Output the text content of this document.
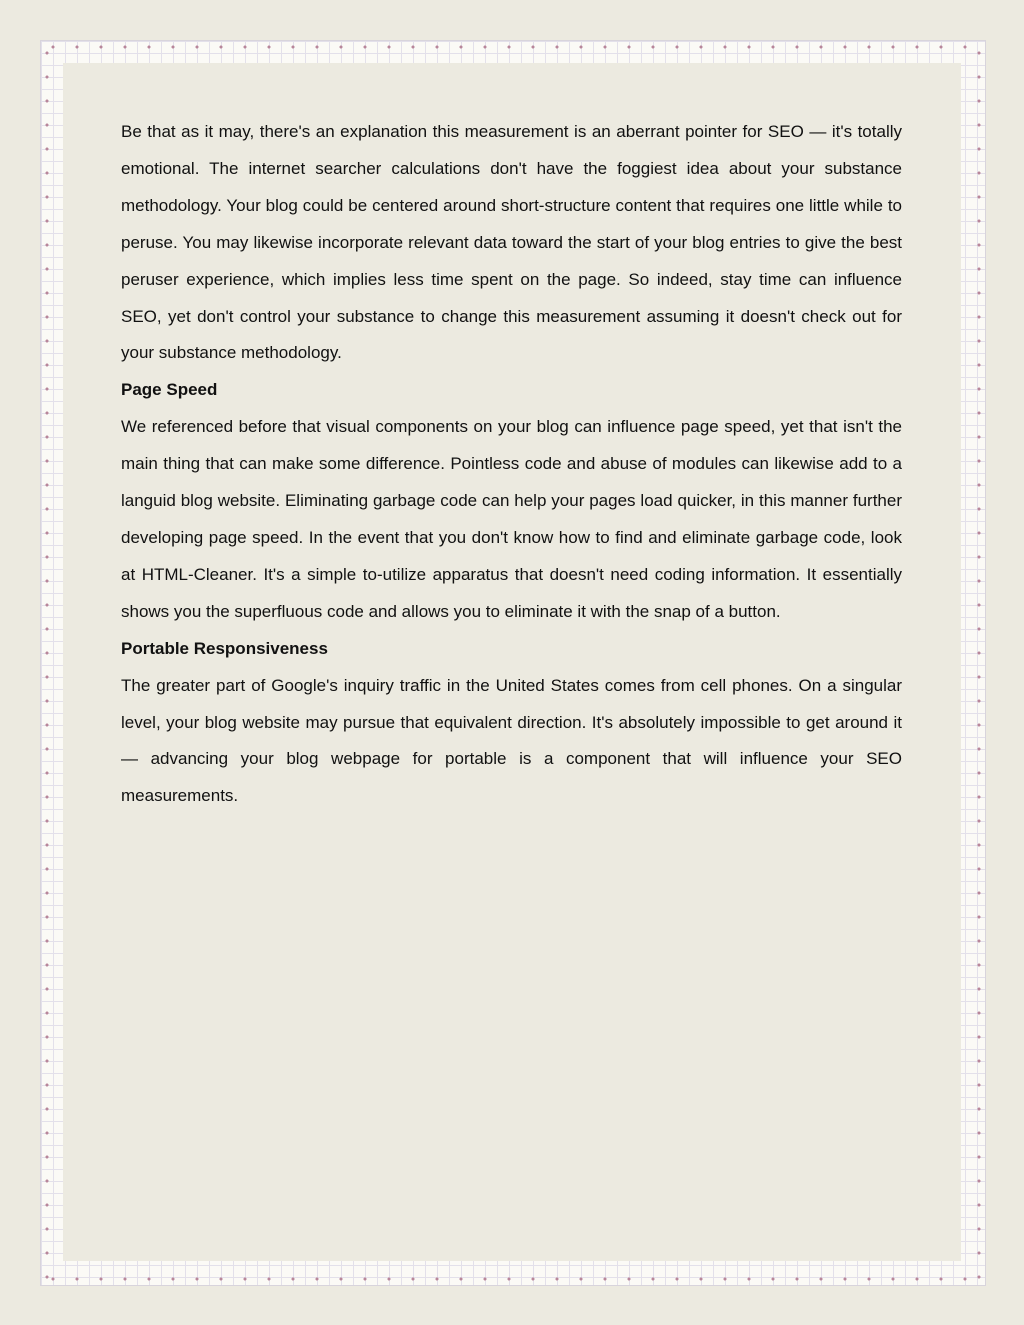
Be that as it may, there's an explanation this measurement is an aberrant pointer for SEO — it's totally emotional. The internet searcher calculations don't have the foggiest idea about your substance methodology. Your blog could be centered around short-structure content that requires one little while to peruse. You may likewise incorporate relevant data toward the start of your blog entries to give the best peruser experience, which implies less time spent on the page. So indeed, stay time can influence SEO, yet don't control your substance to change this measurement assuming it doesn't check out for your substance methodology.

Page Speed

We referenced before that visual components on your blog can influence page speed, yet that isn't the main thing that can make some difference. Pointless code and abuse of modules can likewise add to a languid blog website. Eliminating garbage code can help your pages load quicker, in this manner further developing page speed. In the event that you don't know how to find and eliminate garbage code, look at HTML-Cleaner. It's a simple to-utilize apparatus that doesn't need coding information. It essentially shows you the superfluous code and allows you to eliminate it with the snap of a button.

Portable Responsiveness

The greater part of Google's inquiry traffic in the United States comes from cell phones. On a singular level, your blog website may pursue that equivalent direction. It's absolutely impossible to get around it — advancing your blog webpage for portable is a component that will influence your SEO measurements.
